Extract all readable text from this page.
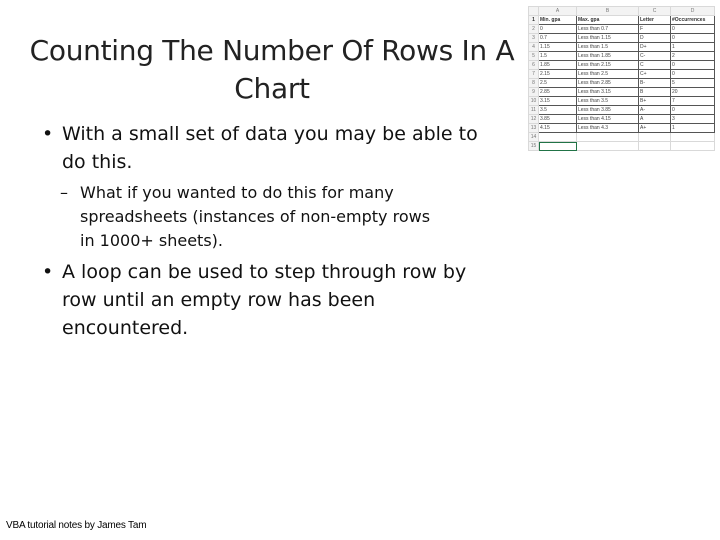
Counting The Number Of Rows In A Chart
• With a small set of data you may be able to do this.
– What if you wanted to do this for many spreadsheets (instances of non-empty rows in 1000+ sheets).
• A loop can be used to step through row by row until an empty row has been encountered.
	A	B	C	D
1	Min. gpa	Max. gpa	Letter	#Occurrences
2	0	Less than 0.7	F	0
3	0.7	Less than 1.15	D	0
4	1.15	Less than 1.5	D+	1
5	1.5	Less than 1.85	C-	2
6	1.85	Less than 2.15	C	0
7	2.15	Less than 2.5	C+	0
8	2.5	Less than 2.85	B-	5
9	2.85	Less than 3.15	B	20
10	3.15	Less than 3.5	B+	7
11	3.5	Less than 3.85	A-	0
12	3.85	Less than 4.15	A	3
13	4.15	Less than 4.3	A+	1
14				
15				
VBA tutorial notes by James Tam
